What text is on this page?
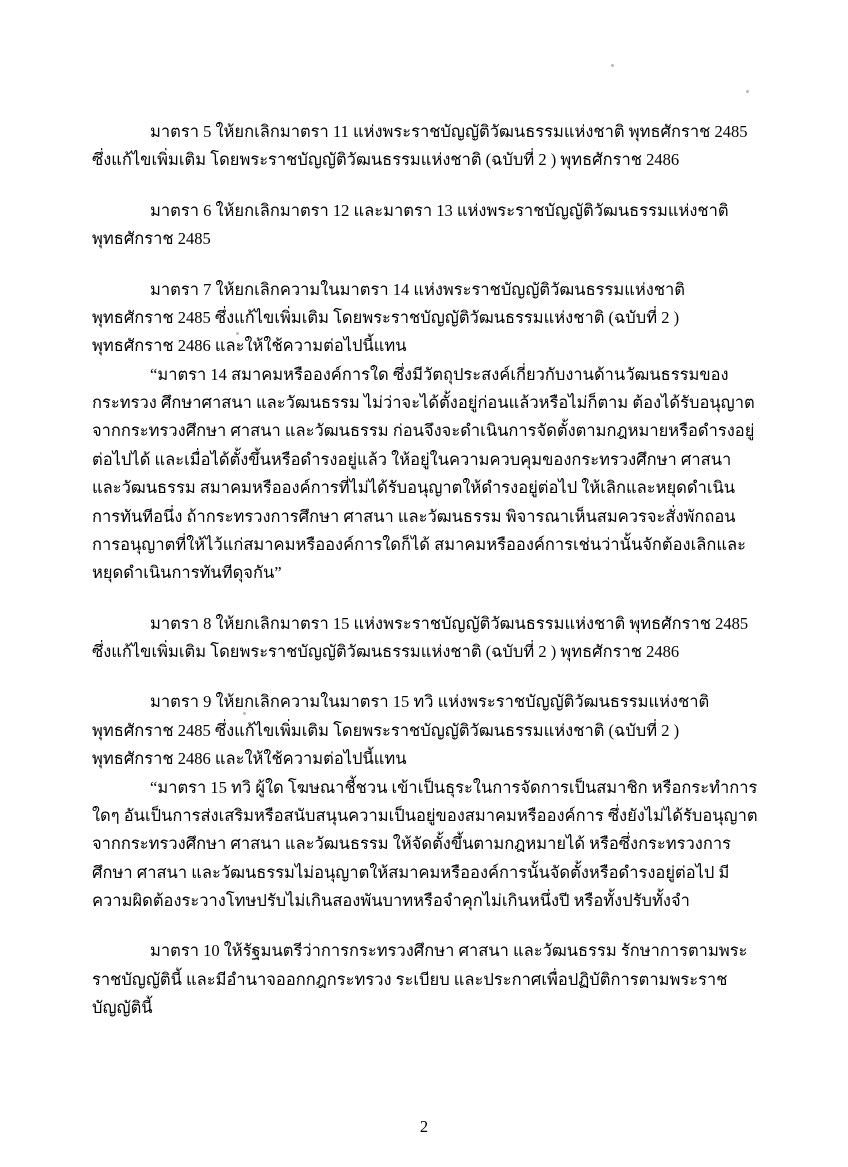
มาตรา 5 ให้ยกเลิกมาตรา 11 แห่งพระราชบัญญัติวัฒนธรรมแห่งชาติ พุทธศักราช 2485 ซึ่งแก้ไขเพิ่มเติม โดยพระราชบัญญัติวัฒนธรรมแห่งชาติ (ฉบับที่ 2 ) พุทธศักราช 2486

มาตรา 6 ให้ยกเลิกมาตรา 12 และมาตรา 13 แห่งพระราชบัญญัติวัฒนธรรมแห่งชาติ พุทธศักราช 2485

มาตรา 7 ให้ยกเลิกความในมาตรา 14 แห่งพระราชบัญญัติวัฒนธรรมแห่งชาติ พุทธศักราช 2485 ซึ่งแก้ไขเพิ่มเติม โดยพระราชบัญญัติวัฒนธรรมแห่งชาติ (ฉบับที่ 2 ) พุทธศักราช 2486 และให้ใช้ความต่อไปนี้แทน

“มาตรา 14 สมาคมหรือองค์การใด ซึ่งมีวัตถุประสงค์เกี่ยวกับงานด้านวัฒนธรรมของกระทรวง ศึกษาศาสนา และวัฒนธรรม ไม่ว่าจะได้ตั้งอยู่ก่อนแล้วหรือไม่ก็ตาม ต้องได้รับอนุญาตจากกระทรวงศึกษา ศาสนา และวัฒนธรรม ก่อนจึงจะดำเนินการจัดตั้งตามกฎหมายหรือดำรงอยู่ต่อไปได้ และเมื่อได้ตั้งขึ้นหรือดำรงอยู่แล้ว ให้อยู่ในความควบคุมของกระทรวงศึกษา ศาสนา และวัฒนธรรม สมาคมหรือองค์การที่ไม่ได้รับอนุญาตให้ดำรงอยู่ต่อไป ให้เลิกและหยุดดำเนินการทันทีอนึ่ง ถ้ากระทรวงการศึกษา ศาสนา และวัฒนธรรม พิจารณาเห็นสมควรจะสั่งพักถอนการอนุญาตที่ให้ไว้แก่สมาคมหรือองค์การใดก็ได้ สมาคมหรือองค์การเช่นว่านั้นจักต้องเลิกและหยุดดำเนินการทันทีดุจกัน”

มาตรา 8 ให้ยกเลิกมาตรา 15 แห่งพระราชบัญญัติวัฒนธรรมแห่งชาติ พุทธศักราช 2485 ซึ่งแก้ไขเพิ่มเติม โดยพระราชบัญญัติวัฒนธรรมแห่งชาติ (ฉบับที่ 2 ) พุทธศักราช 2486

มาตรา 9 ให้ยกเลิกความในมาตรา 15 ทวิ แห่งพระราชบัญญัติวัฒนธรรมแห่งชาติ พุทธศักราช 2485 ซึ่งแก้ไขเพิ่มเติม โดยพระราชบัญญัติวัฒนธรรมแห่งชาติ (ฉบับที่ 2 ) พุทธศักราช 2486 และให้ใช้ความต่อไปนี้แทน

“มาตรา 15 ทวิ ผู้ใด โฆษณาชี้ชวน เข้าเป็นธุระในการจัดการเป็นสมาชิก หรือกระทำการใดๆ อันเป็นการส่งเสริมหรือสนับสนุนความเป็นอยู่ของสมาคมหรือองค์การ ซึ่งยังไม่ได้รับอนุญาตจากกระทรวงศึกษา ศาสนา และวัฒนธรรม ให้จัดตั้งขึ้นตามกฎหมายได้ หรือซึ่งกระทรวงการศึกษา ศาสนา และวัฒนธรรมไม่อนุญาตให้สมาคมหรือองค์การนั้นจัดตั้งหรือดำรงอยู่ต่อไป มีความผิดต้องระวางโทษปรับไม่เกินสองพันบาทหรือจำคุกไม่เกินหนึ่งปี หรือทั้งปรับทั้งจำ

มาตรา 10 ให้รัฐมนตรีว่าการกระทรวงศึกษา ศาสนา และวัฒนธรรม รักษาการตามพระราชบัญญัตินี้ และมีอำนาจออกกฎกระทรวง ระเบียบ และประกาศเพื่อปฏิบัติการตามพระราชบัญญัตินี้

2
